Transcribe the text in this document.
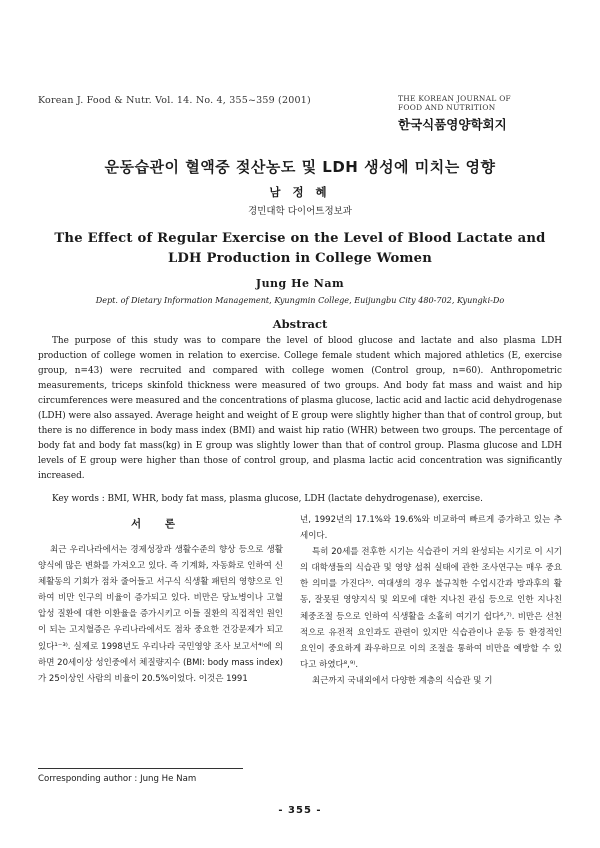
Korean J. Food & Nutr. Vol. 14. No. 4, 355~359 (2001)	THE KOREAN JOURNAL OF
FOOD AND NUTRITION
한국식품영양학회지
운동습관이 혈액중 젖산농도 및 LDH 생성에 미치는 영향
남 정 혜
경민대학 다이어트정보과
The Effect of Regular Exercise on the Level of Blood Lactate and
LDH Production in College Women
Jung He Nam
Dept. of Dietary Information Management, Kyungmin College, Euijungbu City 480-702, Kyungki-Do
Abstract
The purpose of this study was to compare the level of blood glucose and lactate and also plasma LDH production of college women in relation to exercise. College female student which majored athletics (E, exercise group, n=43) were recruited and compared with college women (Control group, n=60). Anthropometric measurements, triceps skinfold thickness were measured of two groups. And body fat mass and waist and hip circumferences were measured and the concentrations of plasma glucose, lactic acid and lactic acid dehydrogenase (LDH) were also assayed. Average height and weight of E group were slightly higher than that of control group, but there is no difference in body mass index (BMI) and waist hip ratio (WHR) between two groups. The percentage of body fat and body fat mass(kg) in E group was slightly lower than that of control group. Plasma glucose and LDH levels of E group were higher than those of control group, and plasma lactic acid concentration was significantly increased.
Key words : BMI, WHR, body fat mass, plasma glucose, LDH (lactate dehydrogenase), exercise.
서 론

최근 우리나라에서는 경제성장과 생활수준의 향상 등으로 생활양식에 많은 변화를 가져오고 있다. 즉 기계화, 자동화로 인하여 신체활동의 기회가 점차 줄어들고 서구식 식생활 패턴의 영향으로 인하여 비만 인구의 비율이 증가되고 있다. 비만은 당뇨병이나 고혈압성 질환에 대한 이환율을 증가시키고 이들 질환의 직접적인 원인이 되는 고지혈증은 우리나라에서도 점차 중요한 건강문제가 되고 있다¹⁻³⁾. 실제로 1998년도 우리나라 국민영양 조사 보고서⁴⁾에 의하면 20세이상 성인중에서 체질량지수 (BMI: body mass index)가 25이상인 사람의 비율이 20.5%이었다. 이것은 1991

년, 1992년의 17.1%와 19.6%와 비교하여 빠르게 증가하고 있는 추세이다.

특히 20세를 전후한 시기는 식습관이 거의 완성되는 시기로 이 시기의 대학생들의 식습관 및 영양 섭취 실태에 관한 조사연구는 매우 중요한 의미를 가진다⁵⁾. 여대생의 경우 불규칙한 수업시간과 방과후의 활동, 잘못된 영양지식 및 외모에 대한 지나친 관심 등으로 인한 지나친 체중조절 등으로 인하여 식생활을 소홀히 여기기 쉽다⁶,⁷⁾. 비만은 선천적으로 유전적 요인과도 관련이 있지만 식습관이나 운동 등 환경적인 요인이 중요하게 좌우하므로 이의 조절을 통하여 비만을 예방할 수 있다고 하였다⁸,⁹⁾.

최근까지 국내외에서 다양한 계층의 식습관 및 기

Corresponding author : Jung He Nam
- 355 -
